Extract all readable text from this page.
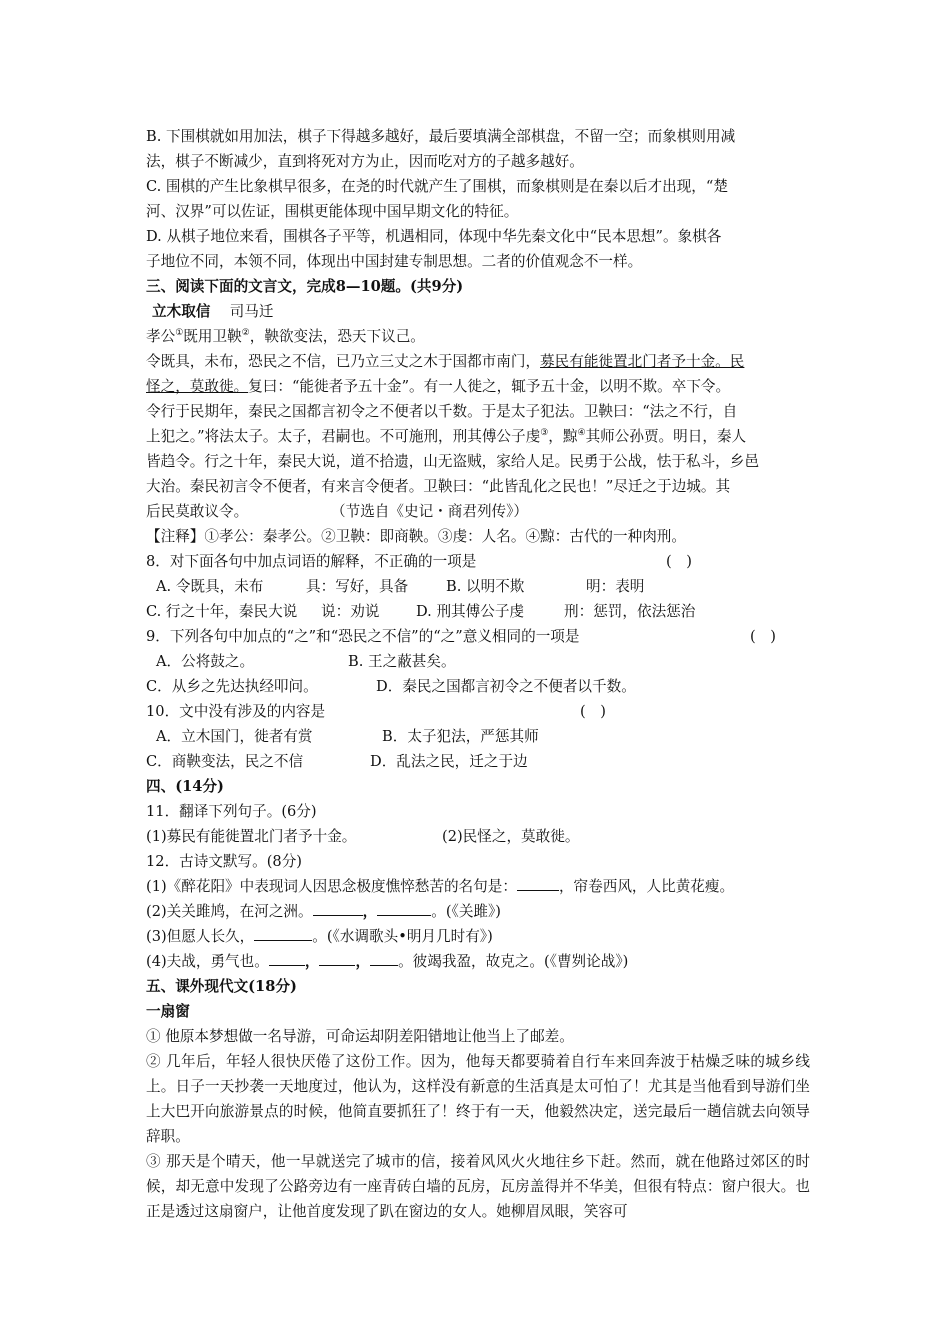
B. 下围棋就如用加法，棋子下得越多越好，最后要填满全部棋盘，不留一空；而象棋则用减
法，棋子不断减少，直到将死对方为止，因而吃对方的子越多越好。
C. 围棋的产生比象棋早很多，在尧的时代就产生了围棋，而象棋则是在秦以后才出现，“楚
河、汉界”可以佐证，围棋更能体现中国早期文化的特征。
D. 从棋子地位来看，围棋各子平等，机遇相同，体现中华先秦文化中“民本思想”。象棋各
子地位不同，本领不同，体现出中国封建专制思想。二者的价值观念不一样。
三、阅读下面的文言文，完成8—10题。(共9分)
立木取信 司马迁
孝公①既用卫鞅②，鞅欲变法，恐天下议己。
令既具，未布，恐民之不信，已乃立三丈之木于国都市南门，募民有能徙置北门者予十金。民
怪之，莫敢徙。复曰：“能徙者予五十金”。有一人徙之，辄予五十金，以明不欺。卒下令。
令行于民期年，秦民之国都言初令之不便者以千数。于是太子犯法。卫鞅曰：“法之不行，自
上犯之。”将法太子。太子，君嗣也。不可施刑，刑其傅公子虔③，黥④其师公孙贾。明日，秦人
皆趋令。行之十年，秦民大说，道不拾遗，山无盗贼，家给人足。民勇于公战，怯于私斗，乡邑
大治。秦民初言令不便者，有来言令便者。卫鞅曰：“此皆乱化之民也！”尽迁之于边城。其
后民莫敢议令。	（节选自《史记・商君列传》）
【注释】①孝公：秦孝公。②卫鞅：即商鞅。③虔：人名。④黥：古代的一种肉刑。
8．对下面各句中加点词语的解释，不正确的一项是	(　)
A. 令既具，未布	具：写好，具备	B. 以明不欺	明：表明
C. 行之十年，秦民大说 说：劝说	D. 刑其傅公子虔	刑：惩罚，依法惩治
9．下列各句中加点的“之”和“恐民之不信”的“之”意义相同的一项是	(　)
A．公将鼓之。	B. 王之蔽甚矣。
C．从乡之先达执经叩问。	D．秦民之国都言初令之不便者以千数。
10．文中没有涉及的内容是	(　)
A．立木国门，徙者有赏	B．太子犯法，严惩其师
C．商鞅变法，民之不信	D．乱法之民，迁之于边
四、(14分)
11．翻译下列句子。(6分)
(1)募民有能徙置北门者予十金。	(2)民怪之，莫敢徙。
12．古诗文默写。(8分)
(1)《醉花阳》中表现词人因思念极度憔悴愁苦的名句是：	，帘卷西风，人比黄花瘦。
(2)关关雎鸠，在河之洲。	，	。(《关雎》)
(3)但愿人长久，	。(《水调歌头•明月几时有》)
(4)夫战，勇气也。 ， ， 。彼竭我盈，故克之。(《曹刿论战》)
五、课外现代文(18分)
一扇窗
① 他原本梦想做一名导游，可命运却阴差阳错地让他当上了邮差。
② 几年后，年轻人很快厌倦了这份工作。因为，他每天都要骑着自行车来回奔波于枯燥乏味的城乡线上。日子一天抄袭一天地度过，他认为，这样没有新意的生活真是太可怕了！尤其是当他看到导游们坐上大巴开向旅游景点的时候，他简直要抓狂了！终于有一天，他毅然决定，送完最后一趟信就去向领导辞职。
③ 那天是个晴天，他一早就送完了城市的信，接着风风火火地往乡下赶。然而，就在他路过郊区的时候，却无意中发现了公路旁边有一座青砖白墙的瓦房，瓦房盖得并不华美，但很有特点：窗户很大。也正是透过这扇窗户，让他首度发现了趴在窗边的女人。她柳眉凤眼，笑容可
